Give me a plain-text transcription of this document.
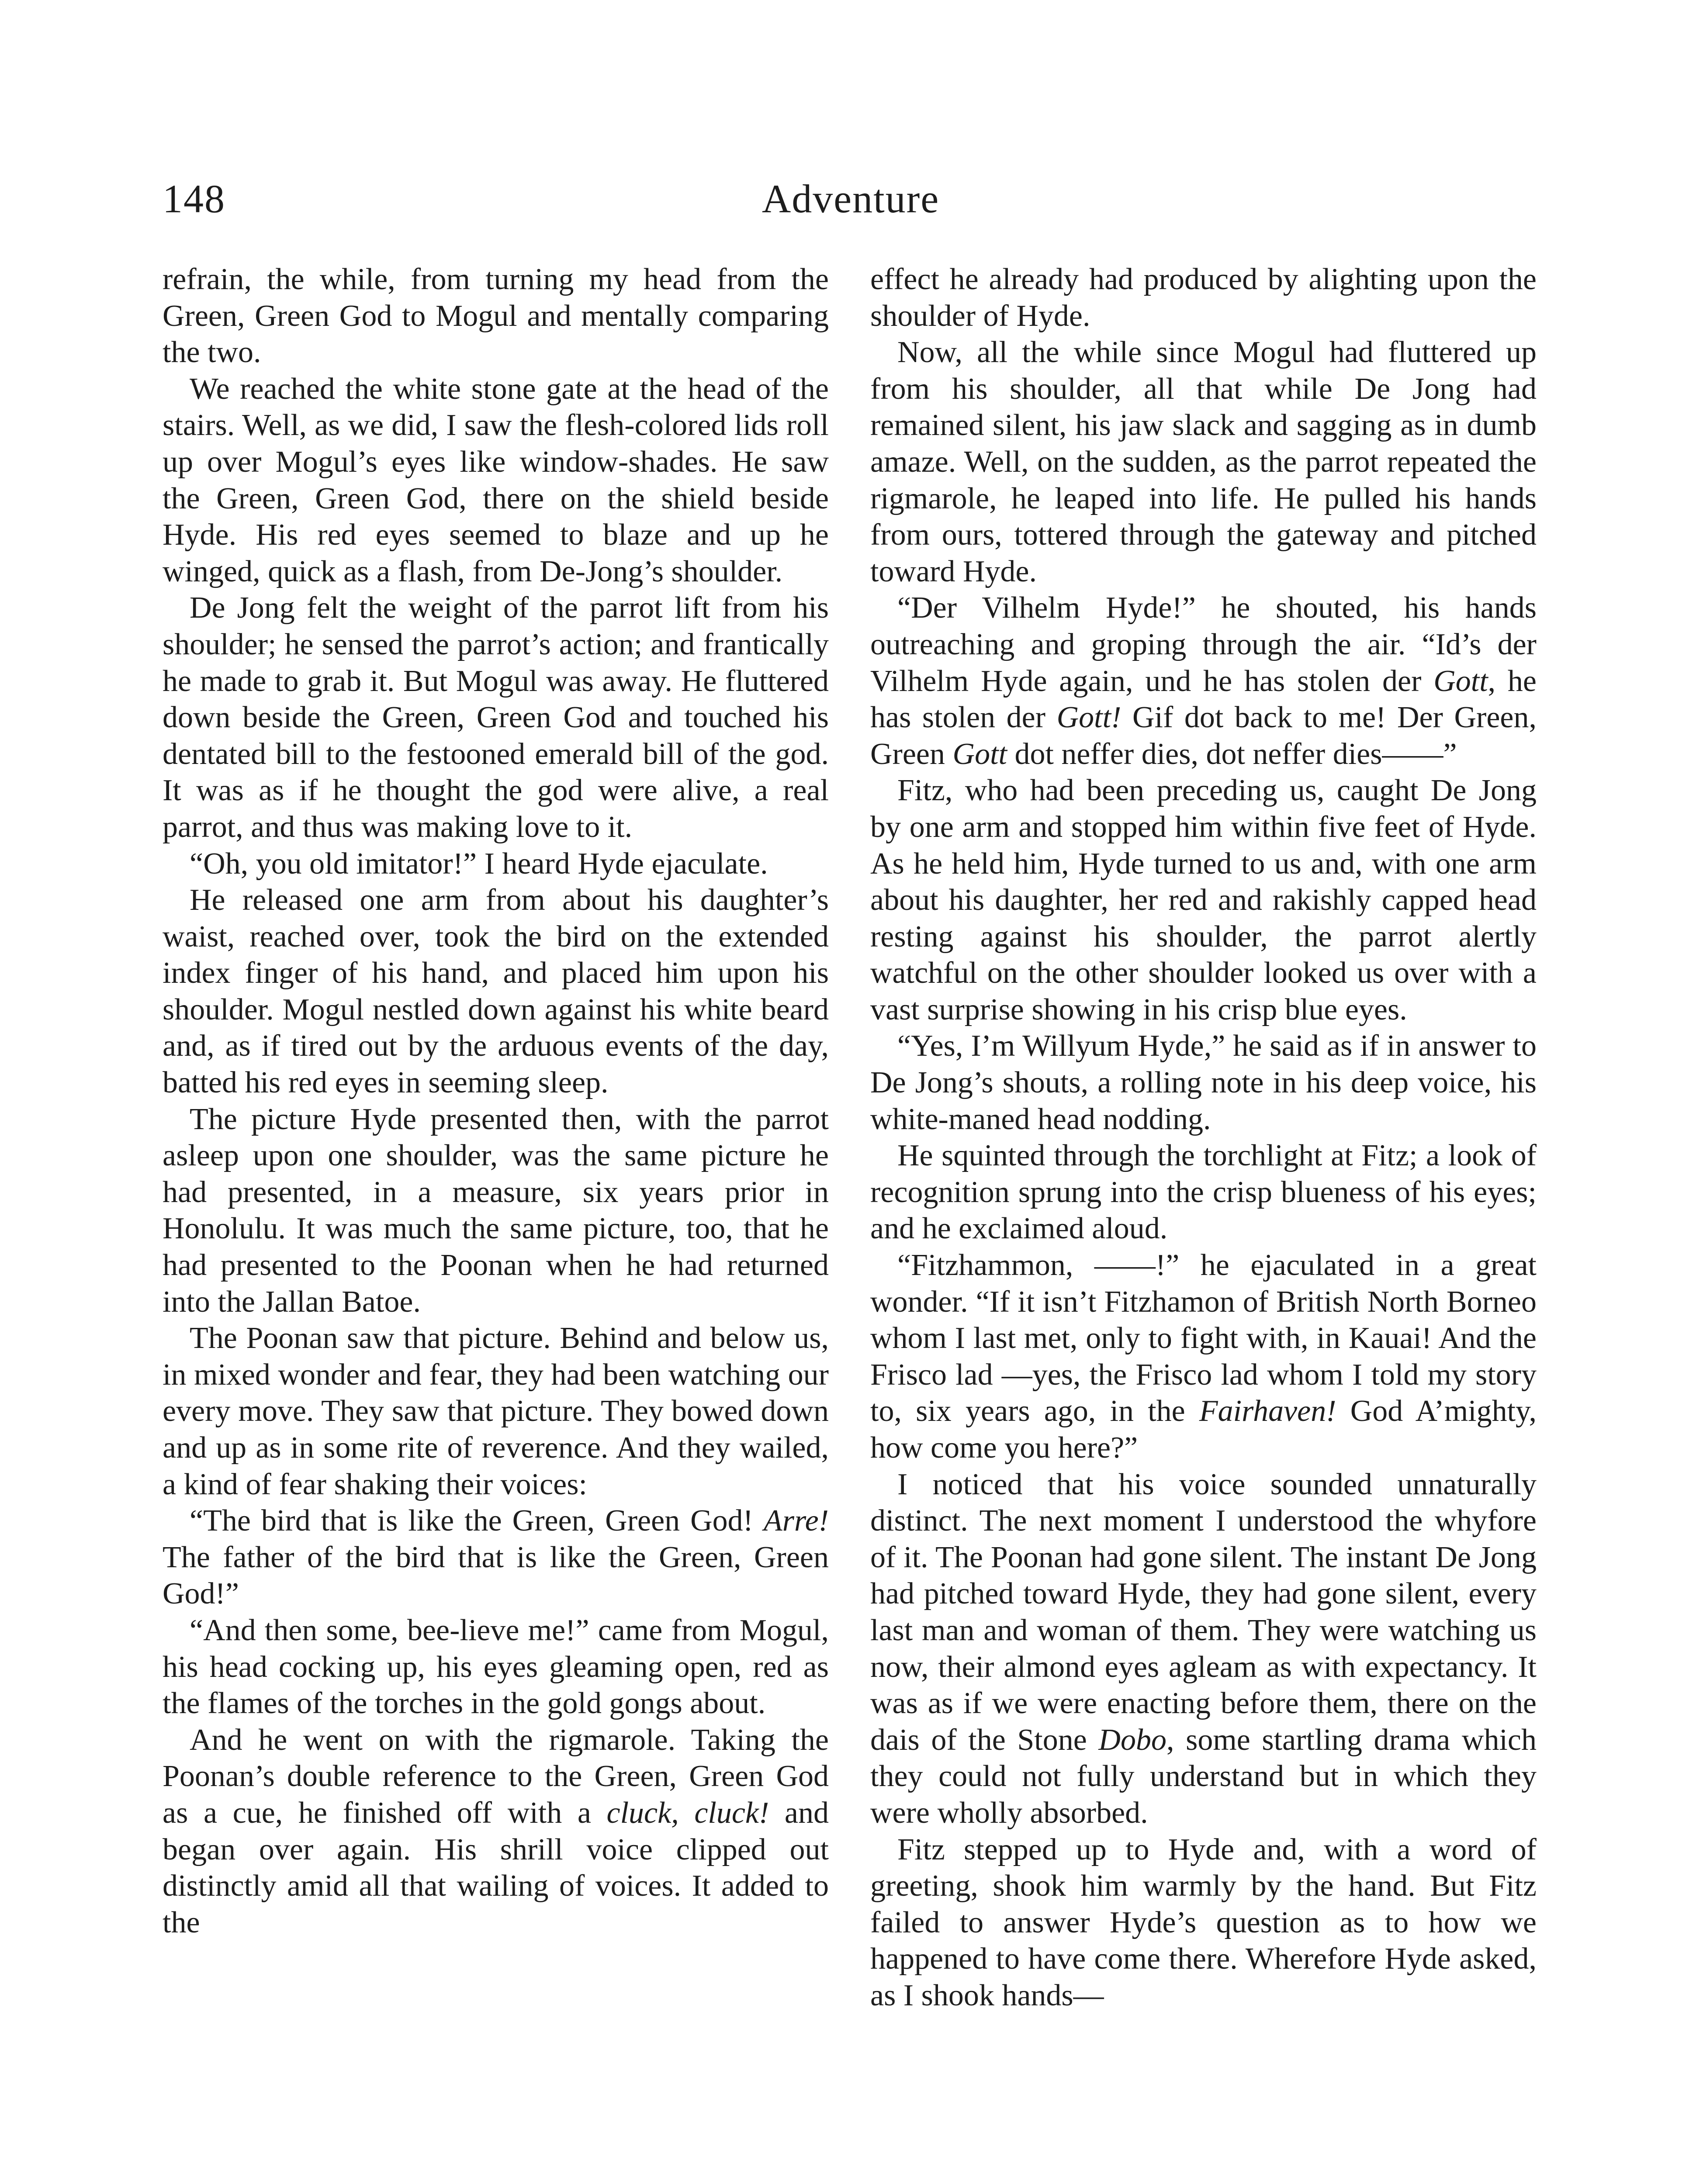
148	Adventure

refrain, the while, from turning my head from the Green, Green God to Mogul and mentally comparing the two.

We reached the white stone gate at the head of the stairs. Well, as we did, I saw the flesh-colored lids roll up over Mogul’s eyes like window-shades. He saw the Green, Green God, there on the shield beside Hyde. His red eyes seemed to blaze and up he winged, quick as a flash, from De-Jong’s shoulder.

De Jong felt the weight of the parrot lift from his shoulder; he sensed the parrot’s action; and frantically he made to grab it. But Mogul was away. He fluttered down beside the Green, Green God and touched his dentated bill to the festooned emerald bill of the god. It was as if he thought the god were alive, a real parrot, and thus was making love to it.

“Oh, you old imitator!” I heard Hyde ejaculate.

He released one arm from about his daughter’s waist, reached over, took the bird on the extended index finger of his hand, and placed him upon his shoulder. Mogul nestled down against his white beard and, as if tired out by the arduous events of the day, batted his red eyes in seeming sleep.

The picture Hyde presented then, with the parrot asleep upon one shoulder, was the same picture he had presented, in a measure, six years prior in Honolulu. It was much the same picture, too, that he had presented to the Poonan when he had returned into the Jallan Batoe.

The Poonan saw that picture. Behind and below us, in mixed wonder and fear, they had been watching our every move. They saw that picture. They bowed down and up as in some rite of reverence. And they wailed, a kind of fear shaking their voices:

“The bird that is like the Green, Green God! Arre! The father of the bird that is like the Green, Green God!”

“And then some, bee-lieve me!” came from Mogul, his head cocking up, his eyes gleaming open, red as the flames of the torches in the gold gongs about.

And he went on with the rigmarole. Taking the Poonan’s double reference to the Green, Green God as a cue, he finished off with a cluck, cluck! and began over again. His shrill voice clipped out distinctly amid all that wailing of voices. It added to the

effect he already had produced by alighting upon the shoulder of Hyde.

Now, all the while since Mogul had fluttered up from his shoulder, all that while De Jong had remained silent, his jaw slack and sagging as in dumb amaze. Well, on the sudden, as the parrot repeated the rigmarole, he leaped into life. He pulled his hands from ours, tottered through the gateway and pitched toward Hyde.

“Der Vilhelm Hyde!” he shouted, his hands outreaching and groping through the air. “Id’s der Vilhelm Hyde again, und he has stolen der Gott, he has stolen der Gott! Gif dot back to me! Der Green, Green Gott dot neffer dies, dot neffer dies——”

Fitz, who had been preceding us, caught De Jong by one arm and stopped him within five feet of Hyde. As he held him, Hyde turned to us and, with one arm about his daughter, her red and rakishly capped head resting against his shoulder, the parrot alertly watchful on the other shoulder looked us over with a vast surprise showing in his crisp blue eyes.

“Yes, I’m Willyum Hyde,” he said as if in answer to De Jong’s shouts, a rolling note in his deep voice, his white-maned head nodding.

He squinted through the torchlight at Fitz; a look of recognition sprung into the crisp blueness of his eyes; and he exclaimed aloud.

“Fitzhammon, ——!” he ejaculated in a great wonder. “If it isn’t Fitzhamon of British North Borneo whom I last met, only to fight with, in Kauai! And the Frisco lad —yes, the Frisco lad whom I told my story to, six years ago, in the Fairhaven! God A’mighty, how come you here?”

I noticed that his voice sounded unnaturally distinct. The next moment I understood the whyfore of it. The Poonan had gone silent. The instant De Jong had pitched toward Hyde, they had gone silent, every last man and woman of them. They were watching us now, their almond eyes agleam as with expectancy. It was as if we were enacting before them, there on the dais of the Stone Dobo, some startling drama which they could not fully understand but in which they were wholly absorbed.

Fitz stepped up to Hyde and, with a word of greeting, shook him warmly by the hand. But Fitz failed to answer Hyde’s question as to how we happened to have come there. Wherefore Hyde asked, as I shook hands—
